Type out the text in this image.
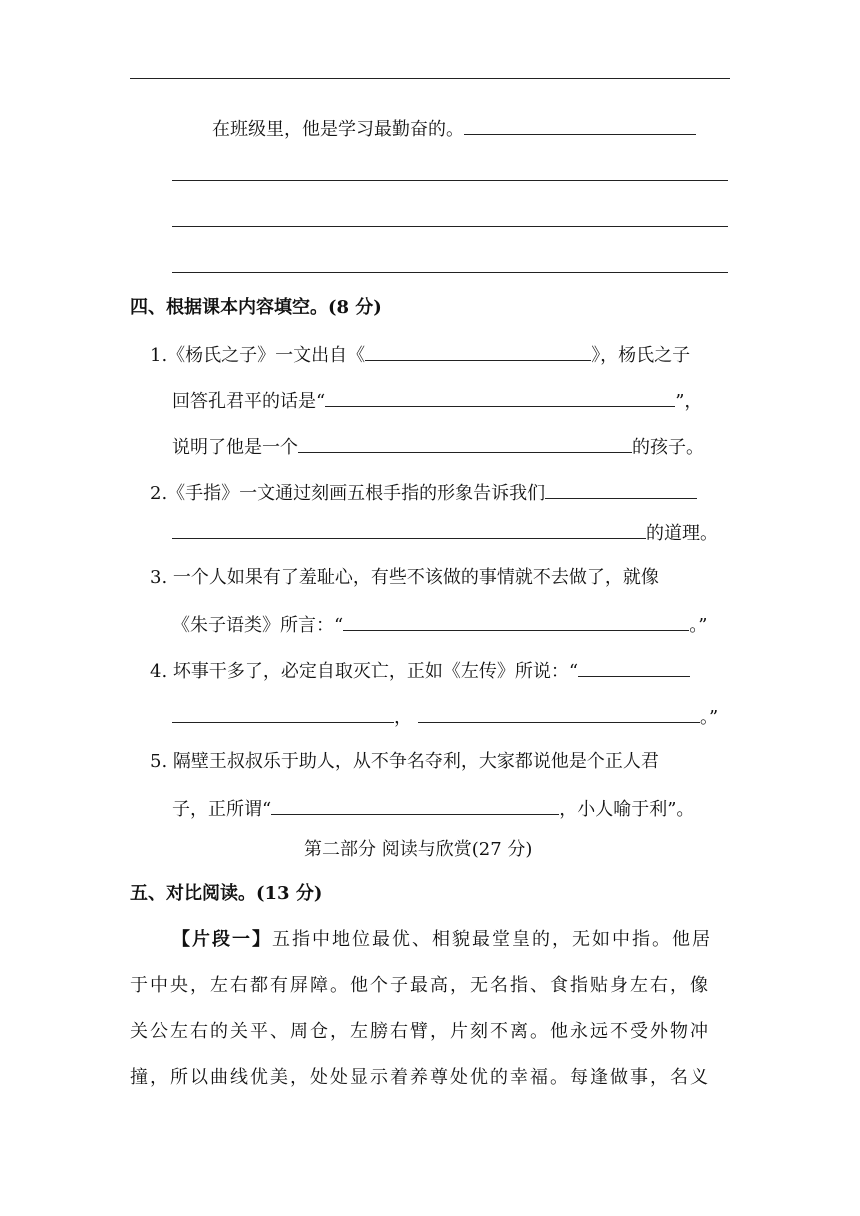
在班级里，他是学习最勤奋的。
四、根据课本内容填空。(8 分)
1.《杨氏之子》一文出自《	》，杨氏之子
回答孔君平的话是“	”，
说明了他是一个	的孩子。
2.《手指》一文通过刻画五根手指的形象告诉我们
的道理。
3. 一个人如果有了羞耻心，有些不该做的事情就不去做了，就像
《朱子语类》所言：“	。”
4. 坏事干多了，必定自取灭亡，正如《左传》所说：“
，	。”
5. 隔壁王叔叔乐于助人，从不争名夺利，大家都说他是个正人君
子，正所谓“	，小人喻于利”。
第二部分 阅读与欣赏(27 分)
五、对比阅读。(13 分)
【片段一】五指中地位最优、相貌最堂皇的，无如中指。他居
于中央，左右都有屏障。他个子最高，无名指、食指贴身左右，像
关公左右的关平、周仓，左膀右臂，片刻不离。他永远不受外物冲
撞，所以曲线优美，处处显示着养尊处优的幸福。每逢做事，名义
